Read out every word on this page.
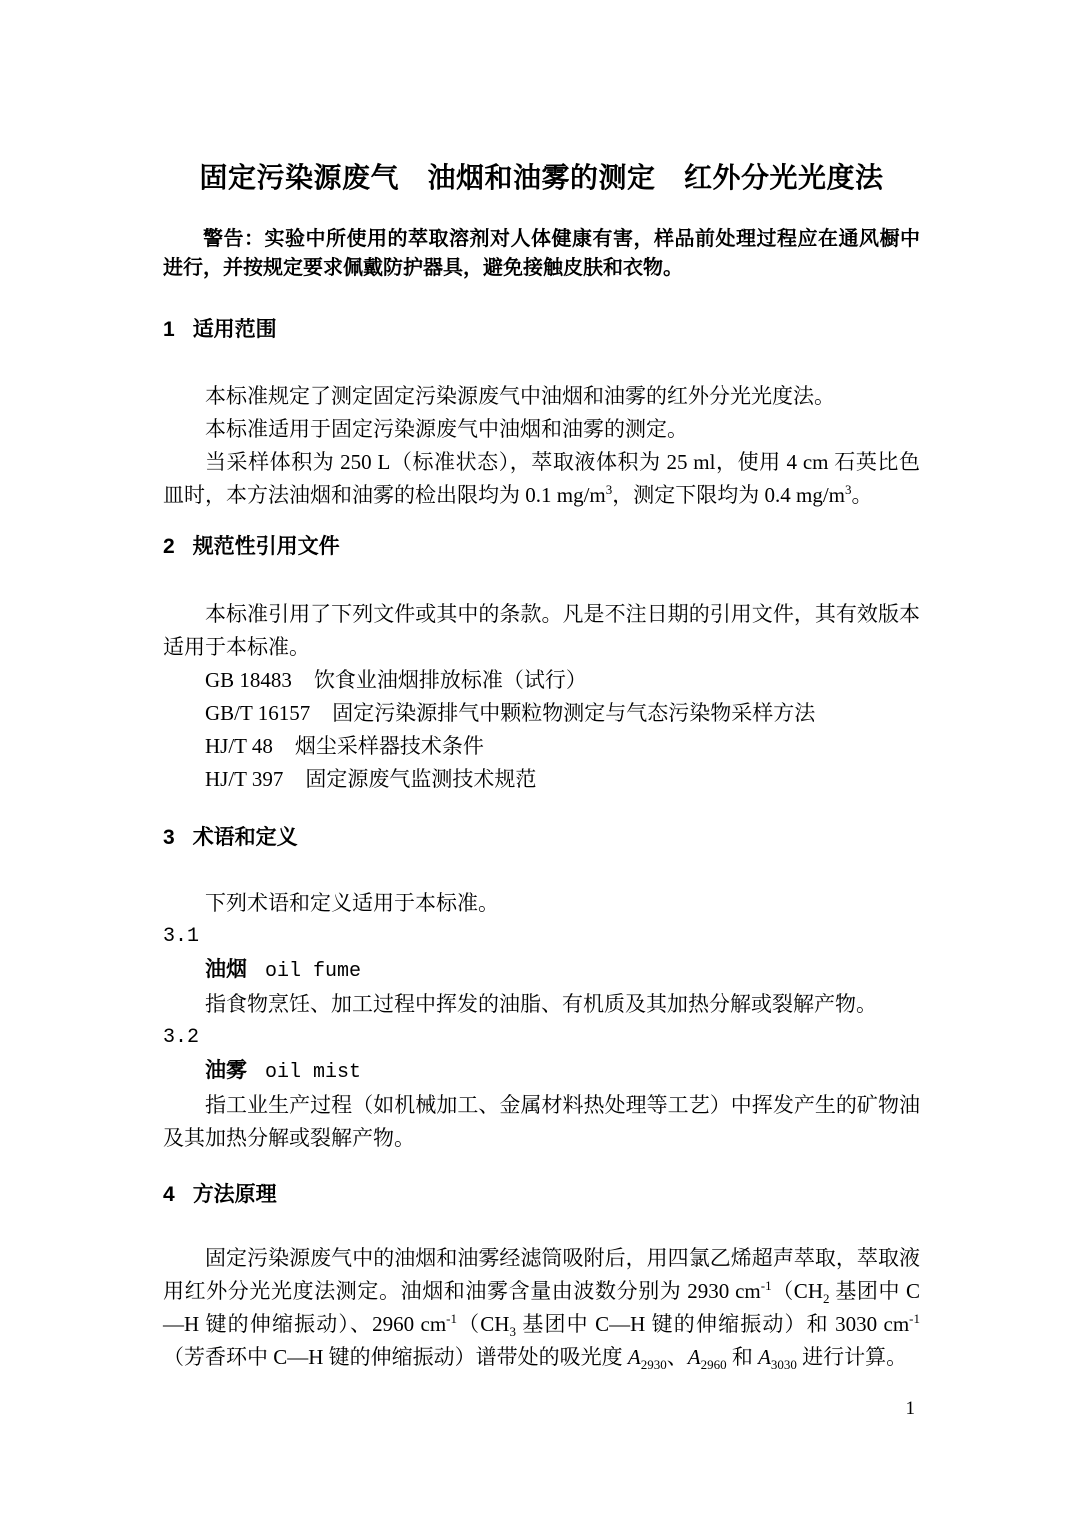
固定污染源废气　油烟和油雾的测定　红外分光光度法

警告：实验中所使用的萃取溶剂对人体健康有害，样品前处理过程应在通风橱中进行，并按规定要求佩戴防护器具，避免接触皮肤和衣物。

1 适用范围

本标准规定了测定固定污染源废气中油烟和油雾的红外分光光度法。

本标准适用于固定污染源废气中油烟和油雾的测定。

当采样体积为 250 L（标准状态），萃取液体积为 25 ml，使用 4 cm 石英比色皿时，本方法油烟和油雾的检出限均为 0.1 $mg/m^3$，测定下限均为 0.4 $mg/m^3$。

2 规范性引用文件

本标准引用了下列文件或其中的条款。凡是不注日期的引用文件，其有效版本适用于本标准。

GB 18483 饮食业油烟排放标准（试行）
GB/T 16157 固定污染源排气中颗粒物测定与气态污染物采样方法
HJ/T 48 烟尘采样器技术条件
HJ/T 397 固定源废气监测技术规范
3 术语和定义

下列术语和定义适用于本标准。

3.1
油烟 oil fume

指食物烹饪、加工过程中挥发的油脂、有机质及其加热分解或裂解产物。

3.2
油雾 oil mist

指工业生产过程（如机械加工、金属材料热处理等工艺）中挥发产生的矿物油及其加热分解或裂解产物。

4 方法原理

固定污染源废气中的油烟和油雾经滤筒吸附后，用四氯乙烯超声萃取，萃取液用红外分光光度法测定。油烟和油雾含量由波数分别为 2930 $cm^{-1}(CH_2$ 基团中 C—H 键的伸缩振动）、2960 $cm^{-1}(CH_3$ 基团中 C—H 键的伸缩振动）和 3030 $cm^{-1}$（芳香环中 C—H 键的伸缩振动）谱带处的吸光度 $A_{2930}$、$A_{2960}$ 和 $A_{3030}$ 进行计算。

1
